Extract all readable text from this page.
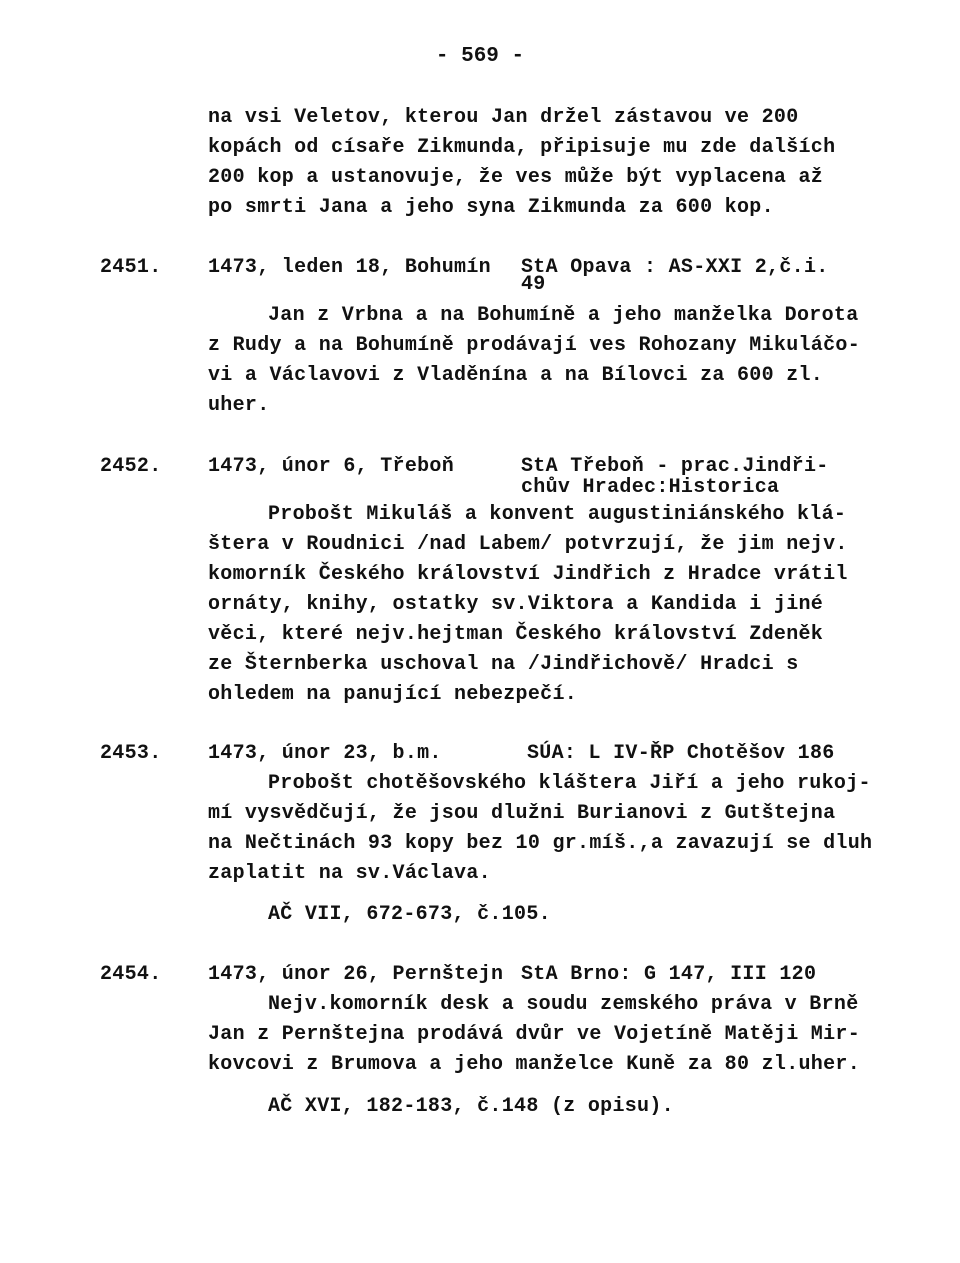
- 569 -
na vsi Veletov, kterou Jan držel zástavou ve 200
kopách od císaře Zikmunda, připisuje mu zde dalších
200 kop a ustanovuje, že ves může být vyplacena až
po smrti Jana a jeho syna Zikmunda za 600 kop.
2451. 1473, leden 18, Bohumín StA Opava : AS-XXI 2,č.i.
49
Jan z Vrbna a na Bohumíně a jeho manželka Dorota
z Rudy a na Bohumíně prodávají ves Rohozany Mikuláčo-
vi a Václavovi z Vladěnína a na Bílovci za 600 zl.
uher.
2452. 1473, únor 6, Třeboň	StA Třeboň - prac.Jindři-
chův Hradec:Historica
Probošt Mikuláš a konvent augustiniánského klá-
štera v Roudnici /nad Labem/ potvrzují, že jim nejv.
komorník Českého království Jindřich z Hradce vrátil
ornáty, knihy, ostatky sv.Viktora a Kandida i jiné
věci, které nejv.hejtman Českého království Zdeněk
ze Šternberka uschoval na /Jindřichově/ Hradci s
ohledem na panující nebezpečí.
2453. 1473, únor 23, b.m.	SÚA: L IV-ŘP Chotěšov 186
Probošt chotěšovského kláštera Jiří a jeho rukoj-
mí vysvědčují, že jsou dlužni Burianovi z Gutštejna
na Nečtinách 93 kopy bez 10 gr.míš.,a zavazují se dluh
zaplatit na sv.Václava.
AČ VII, 672-673, č.105.
2454. 1473, únor 26, Pernštejn StA Brno: G 147, III 120
Nejv.komorník desk a soudu zemského práva v Brně
Jan z Pernštejna prodává dvůr ve Vojetíně Matěji Mir-
kovcovi z Brumova a jeho manželce Kuně za 80 zl.uher.
AČ XVI, 182-183, č.148 (z opisu).
